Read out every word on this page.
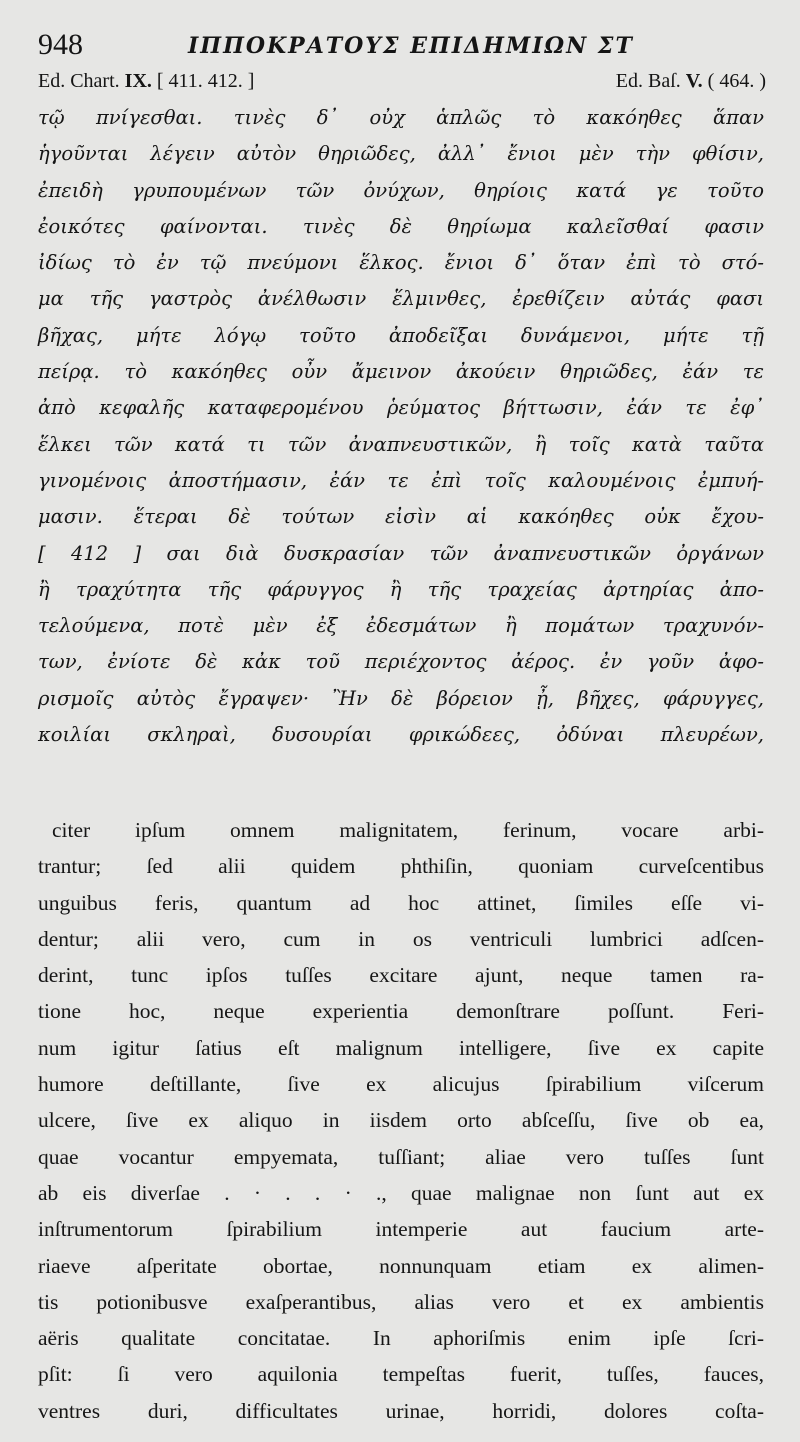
948	ΙΠΠΟΚΡΑΤΟΥΣ ΕΠΙΔΗΜΙΩΝ ΣΤ
Ed. Chart. IX. [ 411. 412. ]	Ed. Baſ. V. ( 464. )
τῷ πνίγεσθαι. τινὲς δ᾽ οὐχ ἁπλῶς τὸ κακόηθες ἅπαν
ἡγοῦνται λέγειν αὐτὸν θηριῶδες, ἀλλ᾽ ἔνιοι μὲν τὴν φθίσιν,
ἐπειδὴ γρυπουμένων τῶν ὀνύχων, θηρίοις κατά γε τοῦτο
ἐοικότες φαίνονται. τινὲς δὲ θηρίωμα καλεῖσθαί φασιν
ἰδίως τὸ ἐν τῷ πνεύμονι ἕλκος. ἔνιοι δ᾽ ὅταν ἐπὶ τὸ στό-
μα τῆς γαστρὸς ἀνέλθωσιν ἕλμινθες, ἐρεθίζειν αὐτάς φασι
βῆχας, μήτε λόγῳ τοῦτο ἀποδεῖξαι δυνάμενοι, μήτε τῇ
πείρᾳ. τὸ κακόηθες οὖν ἄμεινον ἀκούειν θηριῶδες, ἐάν τε
ἀπὸ κεφαλῆς καταφερομένου ῥεύματος βήττωσιν, ἐάν τε ἐφ᾽
ἕλκει τῶν κατά τι τῶν ἀναπνευστικῶν, ἢ τοῖς κατὰ ταῦτα
γινομένοις ἀποστήμασιν, ἐάν τε ἐπὶ τοῖς καλουμένοις ἐμπυή-
μασιν. ἕτεραι δὲ τούτων εἰσὶν αἱ κακόηθες οὐκ ἔχου-
[ 412 ] σαι διὰ δυσκρασίαν τῶν ἀναπνευστικῶν ὀργάνων
ἢ τραχύτητα τῆς φάρυγγος ἢ τῆς τραχείας ἀρτηρίας ἀπο-
τελούμενα, ποτὲ μὲν ἐξ ἐδεσμάτων ἢ πομάτων τραχυνόν-
των, ἐνίοτε δὲ κἀκ τοῦ περιέχοντος ἀέρος. ἐν γοῦν ἀφο-
ρισμοῖς αὐτὸς ἔγραψεν· Ἢν δὲ βόρειον ᾖ, βῆχες, φάρυγγες,
κοιλίαι σκληραὶ, δυσουρίαι φρικώδεες, ὀδύναι πλευρέων,
citer ipſum omnem malignitatem, ferinum, vocare arbi-
trantur; ſed alii quidem phthiſin, quoniam curveſcentibus
unguibus feris, quantum ad hoc attinet, ſimiles eſſe vi-
dentur; alii vero, cum in os ventriculi lumbrici adſcen-
derint, tunc ipſos tuſſes excitare ajunt, neque tamen ra-
tione hoc, neque experientia demonſtrare poſſunt. Feri-
num igitur ſatius eſt malignum intelligere, ſive ex capite
humore deſtillante, ſive ex alicujus ſpirabilium viſcerum
ulcere, ſive ex aliquo in iisdem orto abſceſſu, ſive ob ea,
quae vocantur empyemata, tuſſiant; aliae vero tuſſes ſunt
ab eis diverſae . · . . · ., quae malignae non ſunt aut ex
inſtrumentorum ſpirabilium intemperie aut faucium arte-
riaeve aſperitate obortae, nonnunquam etiam ex alimen-
tis potionibusve exaſperantibus, alias vero et ex ambientis
aëris qualitate concitatae. In aphoriſmis enim ipſe ſcri-
pſit: ſi vero aquilonia tempeſtas fuerit, tuſſes, fauces,
ventres duri, difficultates urinae, horridi, dolores coſta-
